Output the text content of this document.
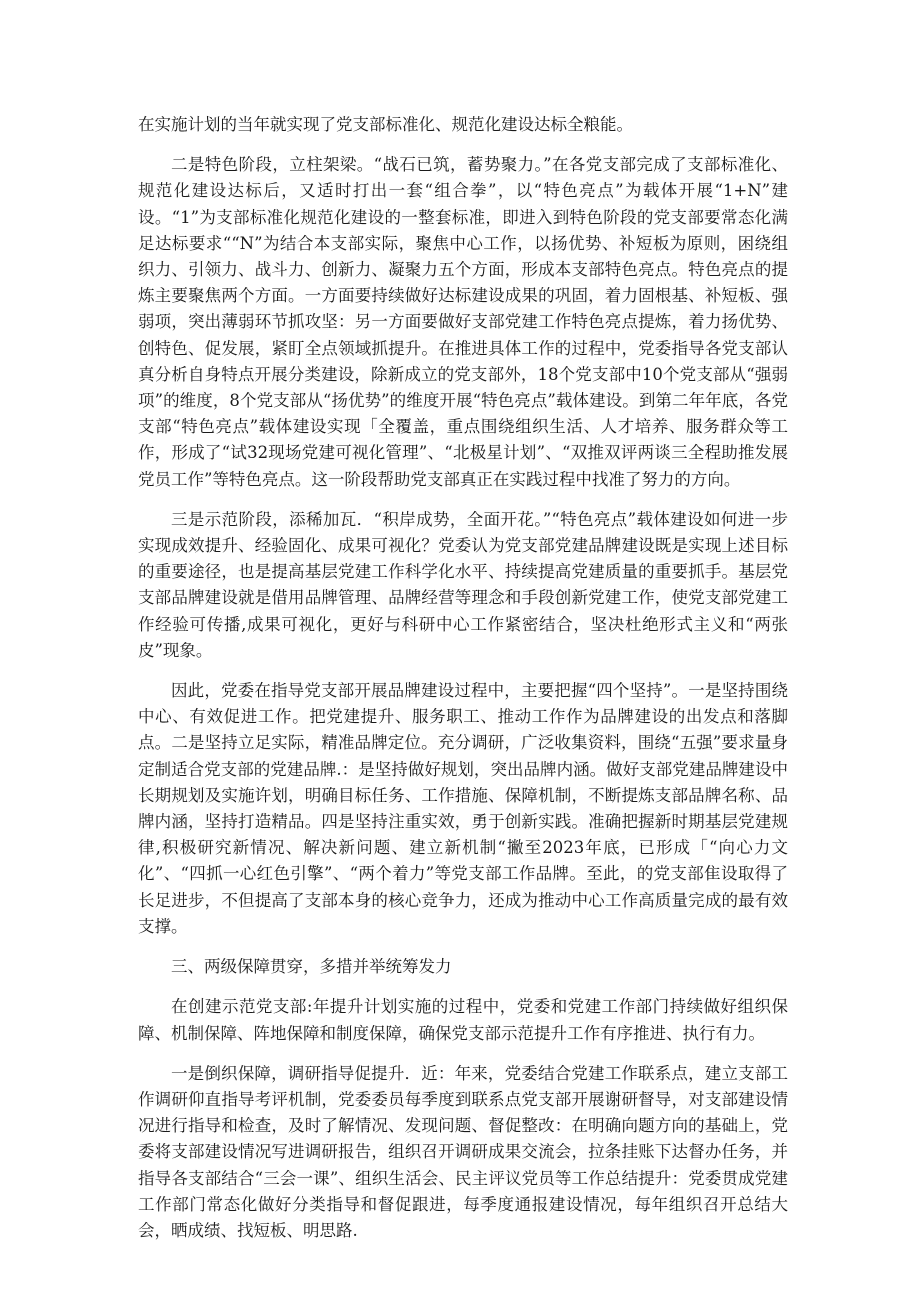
在实施计划的当年就实现了党支部标准化、规范化建设达标全粮能。

二是特色阶段，立柱架梁。“战石已筑，蓄势聚力。”在各党支部完成了支部标准化、规范化建设达标后，又适时打出一套“组合拳”，以“特色亮点”为载体开展“1+N”建设。“1”为支部标准化规范化建设的一整套标准，即进入到特色阶段的党支部要常态化满足达标要求““N”为结合本支部实际，聚焦中心工作，以扬优势、补短板为原则，困绕组织力、引领力、战斗力、创新力、凝聚力五个方面，形成本支部特色亮点。特色亮点的提炼主要聚焦两个方面。一方面要持续做好达标建设成果的巩固，着力固根基、补短板、强弱项，突出薄弱环节抓攻坚：另一方面要做好支部党建工作特色亮点提炼，着力扬优势、创特色、促发展，紧盯全点领域抓提升。在推进具体工作的过程中，党委指导各党支部认真分析自身特点开展分类建设，除新成立的党支部外，18个党支部中10个党支部从“强弱项”的维度，8个党支部从“扬优势”的维度开展“特色亮点”载体建设。到第二年年底，各党支部“特色亮点”载体建设实现「全覆盖，重点围绕组织生活、人才培养、服务群众等工作，形成了“试32现场党建可视化管理”、“北极星计划”、“双推双评两谈三全程助推发展党员工作”等特色亮点。这一阶段帮助党支部真正在实践过程中找准了努力的方向。

三是示范阶段，添稀加瓦．“积岸成势，全面开花。”“特色亮点”载体建设如何进一步实现成效提升、经验固化、成果可视化？党委认为党支部党建品牌建设既是实现上述目标的重要途径，也是提高基层党建工作科学化水平、持续提高党建质量的重要抓手。基层党支部品牌建设就是借用品牌管理、品牌经营等理念和手段创新党建工作，使党支部党建工作经验可传播,成果可视化，更好与科研中心工作紧密结合，坚决杜绝形式主义和“两张皮”现象。

因此，党委在指导党支部开展品牌建设过程中，主要把握“四个坚持”。一是坚持围绕中心、有效促进工作。把党建提升、服务职工、推动工作作为品牌建设的出发点和落脚点。二是坚持立足实际，精准品牌定位。充分调研，广泛收集资料，围绕“五强”要求量身定制适合党支部的党建品牌.：是坚持做好规划，突出品牌内涵。做好支部党建品牌建设中长期规划及实施许划，明确目标任务、工作措施、保障机制，不断提炼支部品牌名称、品牌内涵，坚持打造精品。四是坚持注重实效，勇于创新实践。准确把握新时期基层党建规律,积极研究新情况、解决新问题、建立新机制“撇至2023年底，已形成「“向心力文化”、“四抓一心红色引擎”、“两个着力”等党支部工作品牌。至此，的党支部隹设取得了长足进步，不但提高了支部本身的核心竞争力，还成为推动中心工作高质量完成的最有效支撑。

三、两级保障贯穿，多措并举统筹发力

在创建示范党支部:年提升计划实施的过程中，党委和党建工作部门持续做好组织保障、机制保障、阵地保障和制度保障，确保党支部示范提升工作有序推进、执行有力。

一是倒织保障，调研指导促提升．近：年来，党委结合党建工作联系点，建立支部工作调研仰直指导考评机制，党委委员每季度到联系点党支部开展谢研督导，对支部建设情况进行指导和检查，及时了解情况、发现问题、督促整改：在明确向题方向的基础上，党委将支部建设情况写进调研报告，组织召开调研成果交流会，拉条挂账下达督办任务，并指导各支部结合“三会一课”、组织生活会、民主评议党员等工作总结提升：党委贯成党建工作部门常态化做好分类指导和督促跟进，每季度通报建设情况，每年组织召开总结大会，晒成绩、找短板、明思路.
